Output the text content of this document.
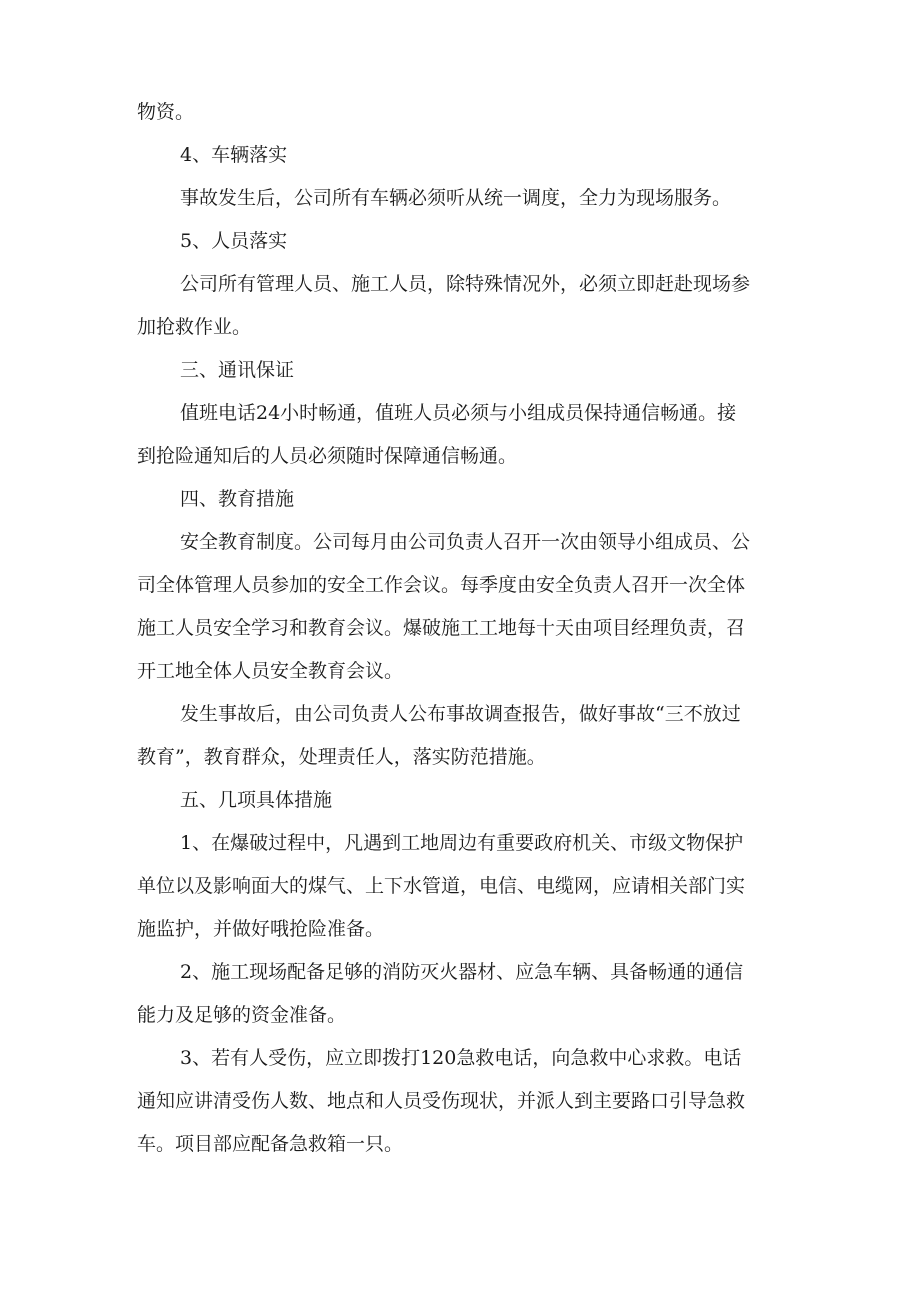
物资。
4、车辆落实
事故发生后，公司所有车辆必须听从统一调度，全力为现场服务。
5、人员落实
公司所有管理人员、施工人员，除特殊情况外，必须立即赶赴现场参
加抢救作业。
三、通讯保证
值班电话24小时畅通，值班人员必须与小组成员保持通信畅通。接
到抢险通知后的人员必须随时保障通信畅通。
四、教育措施
安全教育制度。公司每月由公司负责人召开一次由领导小组成员、公
司全体管理人员参加的安全工作会议。每季度由安全负责人召开一次全体
施工人员安全学习和教育会议。爆破施工工地每十天由项目经理负责，召
开工地全体人员安全教育会议。
发生事故后，由公司负责人公布事故调查报告，做好事故“三不放过
教育”，教育群众，处理责任人，落实防范措施。
五、几项具体措施
1、在爆破过程中，凡遇到工地周边有重要政府机关、市级文物保护
单位以及影响面大的煤气、上下水管道，电信、电缆网，应请相关部门实
施监护，并做好哦抢险准备。
2、施工现场配备足够的消防灭火器材、应急车辆、具备畅通的通信
能力及足够的资金准备。
3、若有人受伤，应立即拨打120急救电话，向急救中心求救。电话
通知应讲清受伤人数、地点和人员受伤现状，并派人到主要路口引导急救
车。项目部应配备急救箱一只。
